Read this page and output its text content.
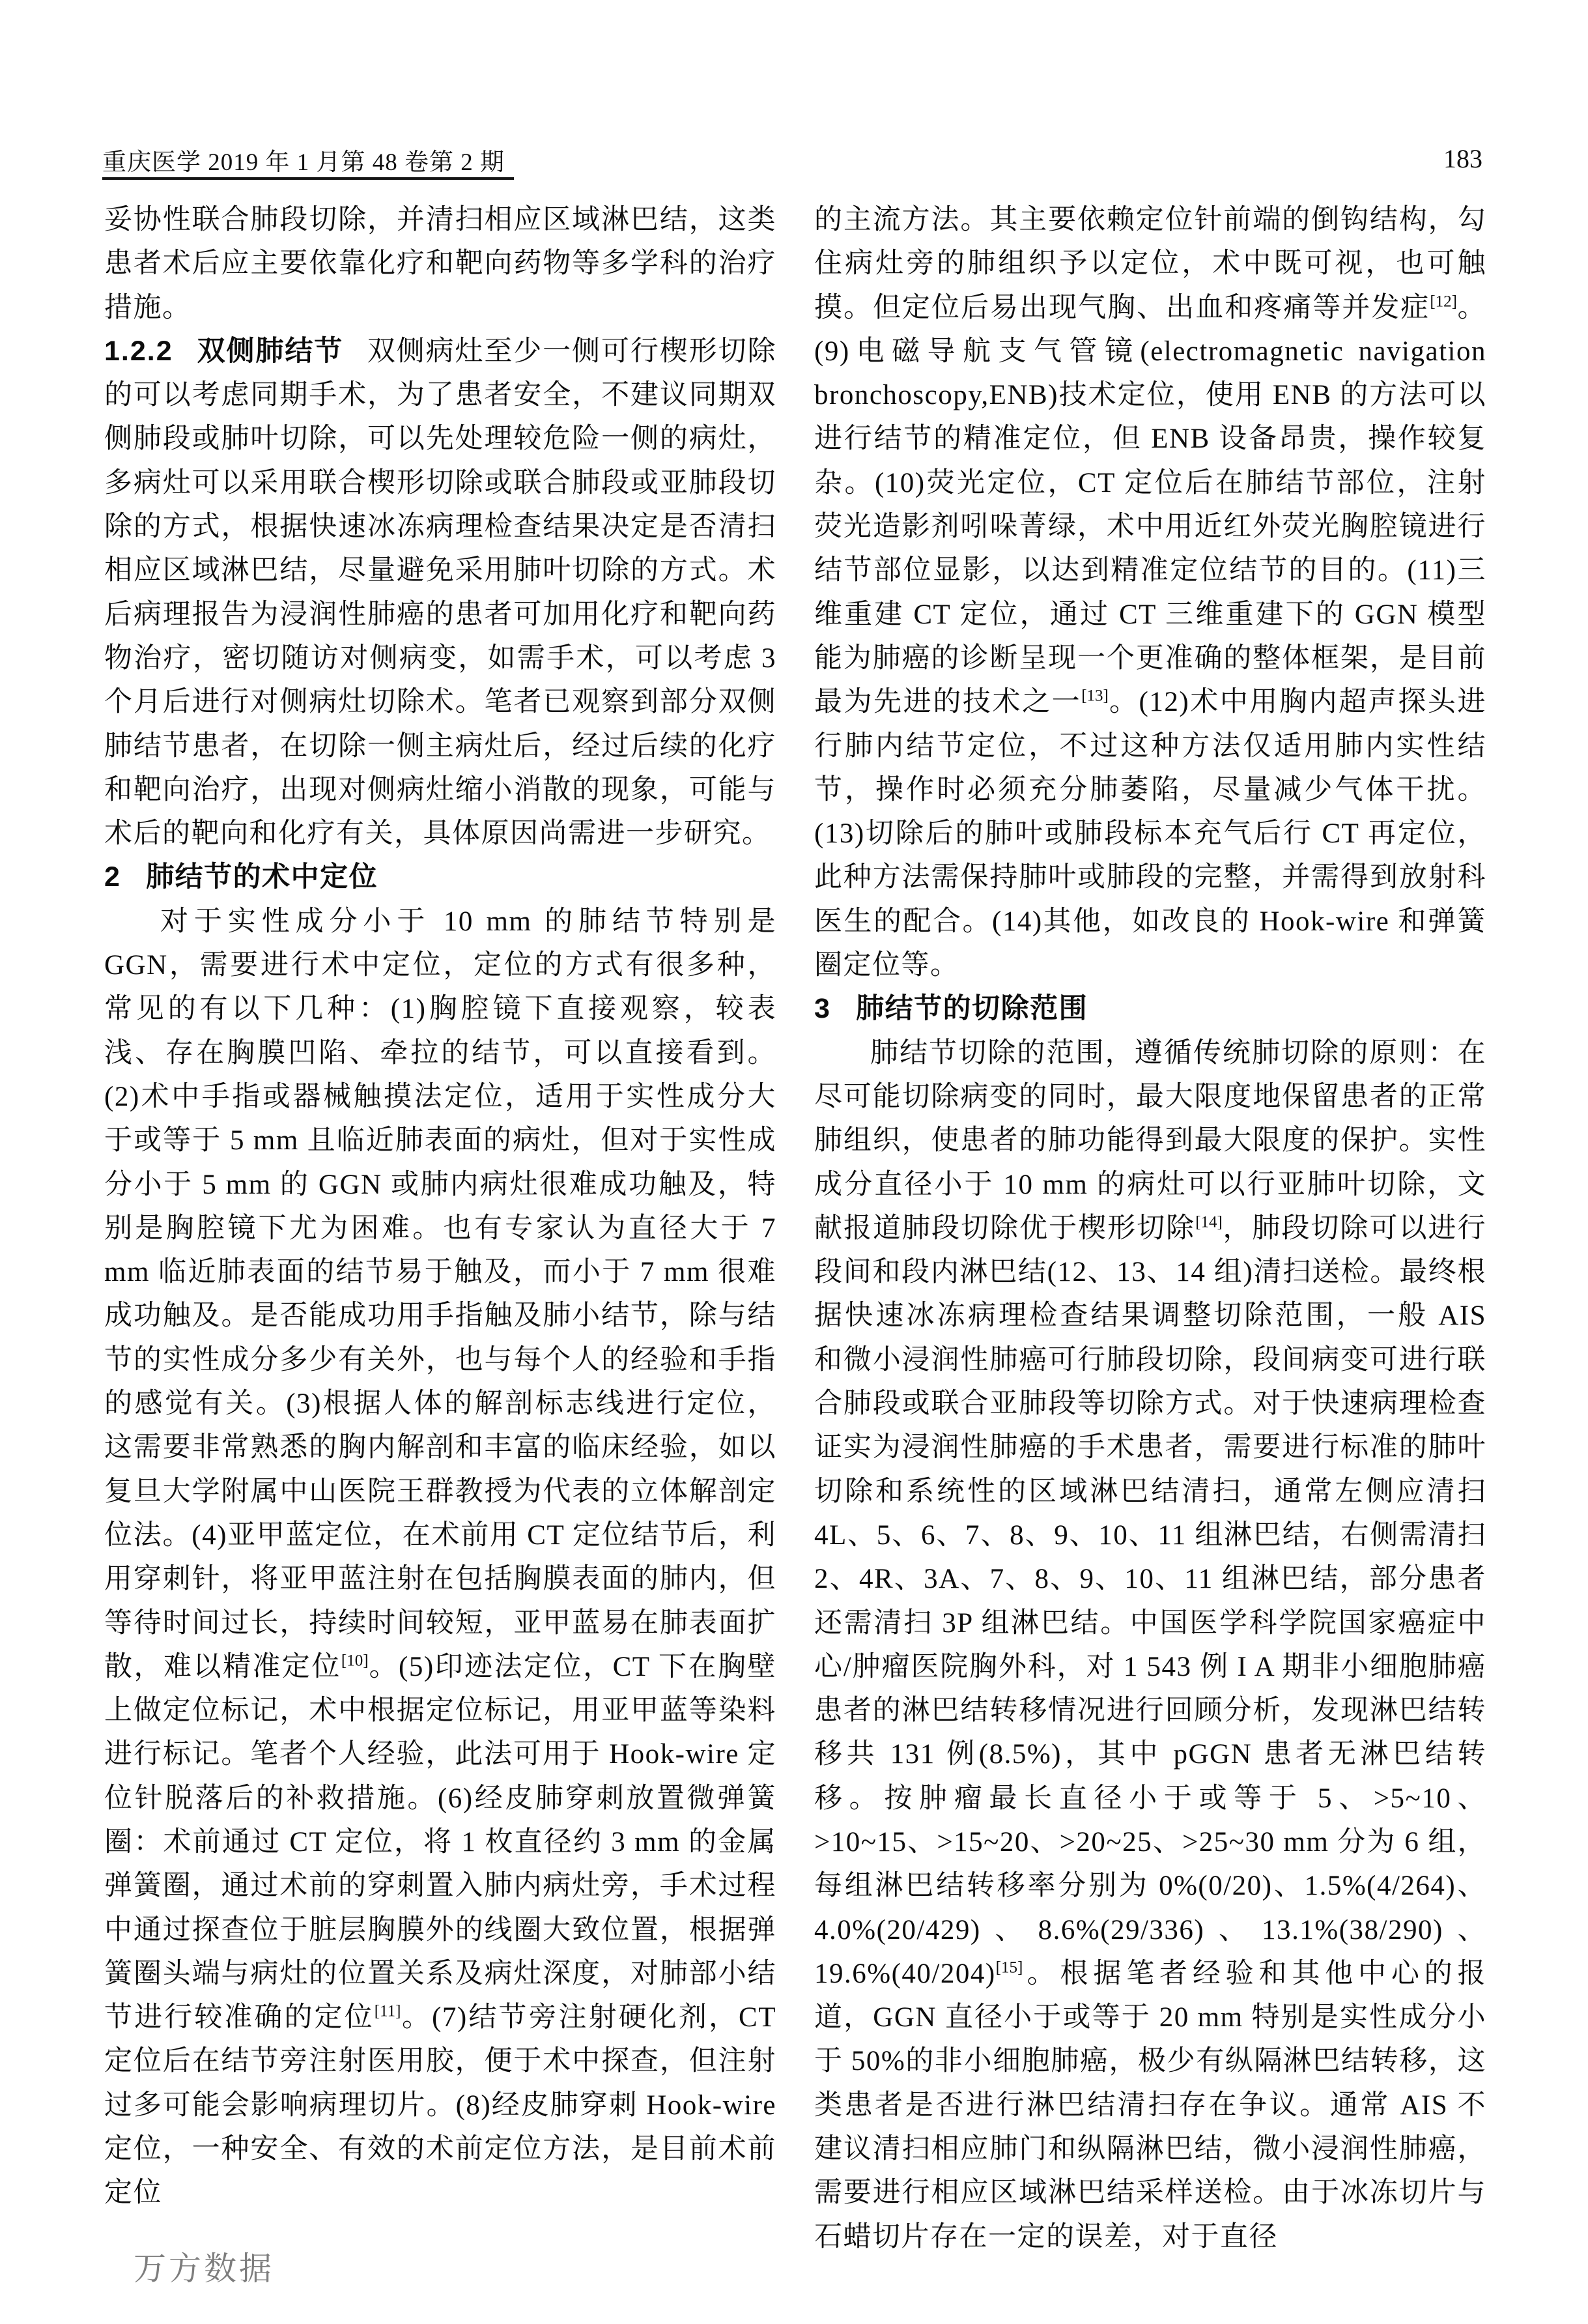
重庆医学 2019 年 1 月第 48 卷第 2 期	183

妥协性联合肺段切除，并清扫相应区域淋巴结，这类患者术后应主要依靠化疗和靶向药物等多学科的治疗措施。

1.2.2 双侧肺结节 双侧病灶至少一侧可行楔形切除的可以考虑同期手术，为了患者安全，不建议同期双侧肺段或肺叶切除，可以先处理较危险一侧的病灶，多病灶可以采用联合楔形切除或联合肺段或亚肺段切除的方式，根据快速冰冻病理检查结果决定是否清扫相应区域淋巴结，尽量避免采用肺叶切除的方式。术后病理报告为浸润性肺癌的患者可加用化疗和靶向药物治疗，密切随访对侧病变，如需手术，可以考虑 3 个月后进行对侧病灶切除术。笔者已观察到部分双侧肺结节患者，在切除一侧主病灶后，经过后续的化疗和靶向治疗，出现对侧病灶缩小消散的现象，可能与术后的靶向和化疗有关，具体原因尚需进一步研究。

2 肺结节的术中定位

对于实性成分小于 10 mm 的肺结节特别是 GGN，需要进行术中定位，定位的方式有很多种，常见的有以下几种：(1)胸腔镜下直接观察，较表浅、存在胸膜凹陷、牵拉的结节，可以直接看到。(2)术中手指或器械触摸法定位，适用于实性成分大于或等于 5 mm 且临近肺表面的病灶，但对于实性成分小于 5 mm 的 GGN 或肺内病灶很难成功触及，特别是胸腔镜下尤为困难。也有专家认为直径大于 7 mm 临近肺表面的结节易于触及，而小于 7 mm 很难成功触及。是否能成功用手指触及肺小结节，除与结节的实性成分多少有关外，也与每个人的经验和手指的感觉有关。(3)根据人体的解剖标志线进行定位，这需要非常熟悉的胸内解剖和丰富的临床经验，如以复旦大学附属中山医院王群教授为代表的立体解剖定位法。(4)亚甲蓝定位，在术前用 CT 定位结节后，利用穿刺针，将亚甲蓝注射在包括胸膜表面的肺内，但等待时间过长，持续时间较短，亚甲蓝易在肺表面扩散，难以精准定位[10]。(5)印迹法定位，CT 下在胸壁上做定位标记，术中根据定位标记，用亚甲蓝等染料进行标记。笔者个人经验，此法可用于 Hook-wire 定位针脱落后的补救措施。(6)经皮肺穿刺放置微弹簧圈：术前通过 CT 定位，将 1 枚直径约 3 mm 的金属弹簧圈，通过术前的穿刺置入肺内病灶旁，手术过程中通过探查位于脏层胸膜外的线圈大致位置，根据弹簧圈头端与病灶的位置关系及病灶深度，对肺部小结节进行较准确的定位[11]。(7)结节旁注射硬化剂，CT 定位后在结节旁注射医用胶，便于术中探查，但注射过多可能会影响病理切片。(8)经皮肺穿刺 Hook-wire 定位，一种安全、有效的术前定位方法，是目前术前定位

的主流方法。其主要依赖定位针前端的倒钩结构，勾住病灶旁的肺组织予以定位，术中既可视，也可触摸。但定位后易出现气胸、出血和疼痛等并发症[12]。(9)电磁导航支气管镜(electromagnetic navigation bronchoscopy,ENB)技术定位，使用 ENB 的方法可以进行结节的精准定位，但 ENB 设备昂贵，操作较复杂。(10)荧光定位，CT 定位后在肺结节部位，注射荧光造影剂吲哚菁绿，术中用近红外荧光胸腔镜进行结节部位显影，以达到精准定位结节的目的。(11)三维重建 CT 定位，通过 CT 三维重建下的 GGN 模型能为肺癌的诊断呈现一个更准确的整体框架，是目前最为先进的技术之一[13]。(12)术中用胸内超声探头进行肺内结节定位，不过这种方法仅适用肺内实性结节，操作时必须充分肺萎陷，尽量减少气体干扰。(13)切除后的肺叶或肺段标本充气后行 CT 再定位，此种方法需保持肺叶或肺段的完整，并需得到放射科医生的配合。(14)其他，如改良的 Hook-wire 和弹簧圈定位等。

3 肺结节的切除范围

肺结节切除的范围，遵循传统肺切除的原则：在尽可能切除病变的同时，最大限度地保留患者的正常肺组织，使患者的肺功能得到最大限度的保护。实性成分直径小于 10 mm 的病灶可以行亚肺叶切除，文献报道肺段切除优于楔形切除[14]，肺段切除可以进行段间和段内淋巴结(12、13、14 组)清扫送检。最终根据快速冰冻病理检查结果调整切除范围，一般 AIS 和微小浸润性肺癌可行肺段切除，段间病变可进行联合肺段或联合亚肺段等切除方式。对于快速病理检查证实为浸润性肺癌的手术患者，需要进行标准的肺叶切除和系统性的区域淋巴结清扫，通常左侧应清扫 4L、5、6、7、8、9、10、11 组淋巴结，右侧需清扫 2、4R、3A、7、8、9、10、11 组淋巴结，部分患者还需清扫 3P 组淋巴结。中国医学科学院国家癌症中心/肿瘤医院胸外科，对 1 543 例 I A 期非小细胞肺癌患者的淋巴结转移情况进行回顾分析，发现淋巴结转移共 131 例(8.5%)，其中 pGGN 患者无淋巴结转移。按肿瘤最长直径小于或等于 5、>5~10、>10~15、>15~20、>20~25、>25~30 mm 分为 6 组，每组淋巴结转移率分别为 0%(0/20)、1.5%(4/264)、4.0%(20/429)、8.6%(29/336)、13.1%(38/290)、19.6%(40/204)[15]。根据笔者经验和其他中心的报道，GGN 直径小于或等于 20 mm 特别是实性成分小于 50%的非小细胞肺癌，极少有纵隔淋巴结转移，这类患者是否进行淋巴结清扫存在争议。通常 AIS 不建议清扫相应肺门和纵隔淋巴结，微小浸润性肺癌，需要进行相应区域淋巴结采样送检。由于冰冻切片与石蜡切片存在一定的误差，对于直径

万方数据
